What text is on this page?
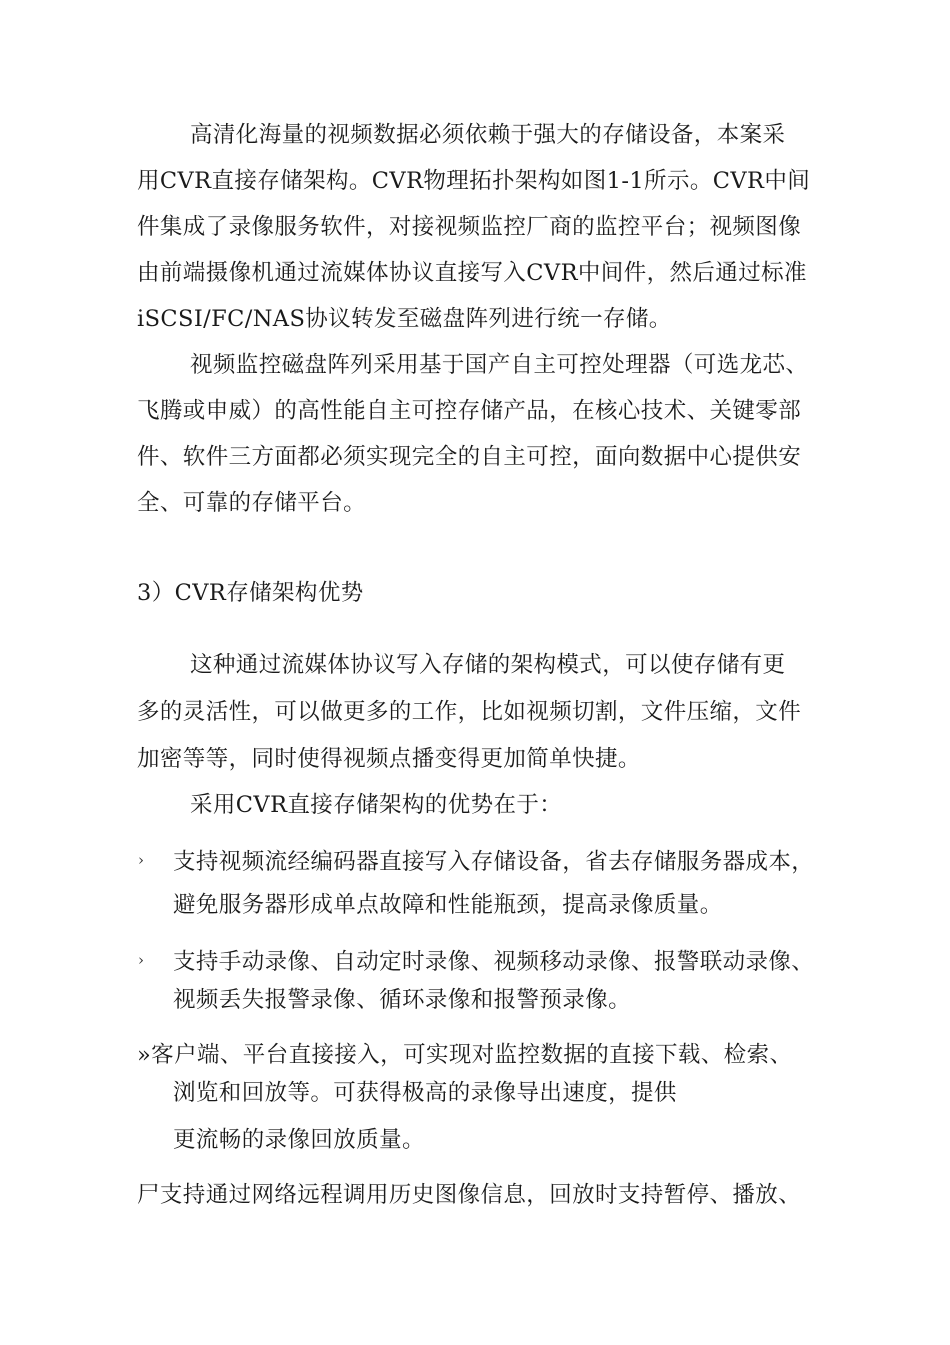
高清化海量的视频数据必须依赖于强大的存储设备，本案采
用CVR直接存储架构。CVR物理拓扑架构如图1-1所示。CVR中间
件集成了录像服务软件，对接视频监控厂商的监控平台；视频图像
由前端摄像机通过流媒体协议直接写入CVR中间件，然后通过标准
iSCSI/FC/NAS协议转发至磁盘阵列进行统一存储。
视频监控磁盘阵列采用基于国产自主可控处理器（可选龙芯、
飞腾或申威）的高性能自主可控存储产品，在核心技术、关键零部
件、软件三方面都必须实现完全的自主可控，面向数据中心提供安
全、可靠的存储平台。
3）CVR存储架构优势
这种通过流媒体协议写入存储的架构模式，可以使存储有更
多的灵活性，可以做更多的工作，比如视频切割，文件压缩，文件
加密等等，同时使得视频点播变得更加简单快捷。
采用CVR直接存储架构的优势在于：
› 支持视频流经编码器直接写入存储设备，省去存储服务器成本，
避免服务器形成单点故障和性能瓶颈，提高录像质量。
› 支持手动录像、自动定时录像、视频移动录像、报警联动录像、
视频丢失报警录像、循环录像和报警预录像。
»客户端、平台直接接入，可实现对监控数据的直接下载、检索、
浏览和回放等。可获得极高的录像导出速度，提供
更流畅的录像回放质量。
尸支持通过网络远程调用历史图像信息，回放时支持暂停、播放、
